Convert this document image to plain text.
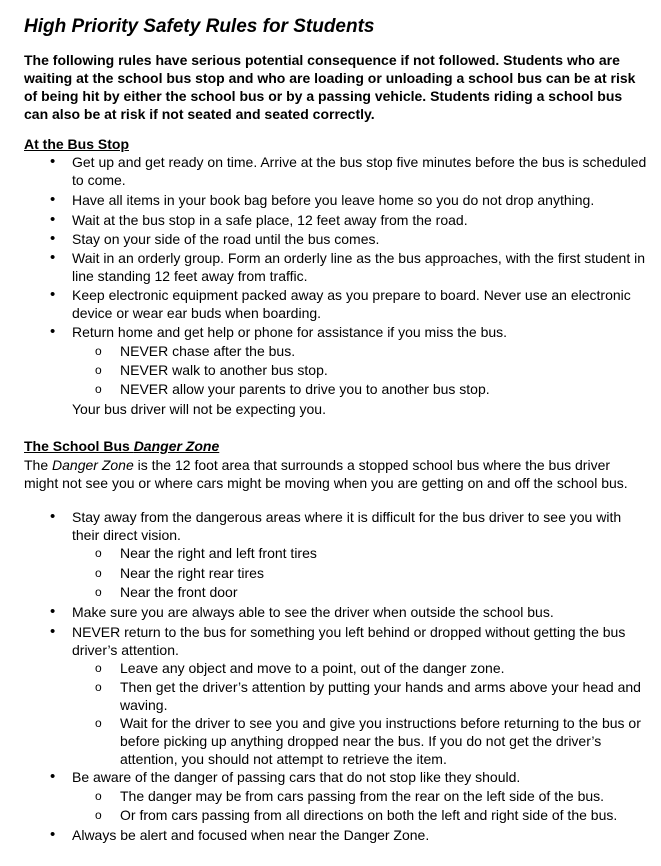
High Priority Safety Rules for Students
The following rules have serious potential consequence if not followed. Students who are waiting at the school bus stop and who are loading or unloading a school bus can be at risk of being hit by either the school bus or by a passing vehicle. Students riding a school bus can also be at risk if not seated and seated correctly.
At the Bus Stop
• Get up and get ready on time. Arrive at the bus stop five minutes before the bus is scheduled to come.
• Have all items in your book bag before you leave home so you do not drop anything.
• Wait at the bus stop in a safe place, 12 feet away from the road.
• Stay on your side of the road until the bus comes.
• Wait in an orderly group. Form an orderly line as the bus approaches, with the first student in line standing 12 feet away from traffic.
• Keep electronic equipment packed away as you prepare to board. Never use an electronic device or wear ear buds when boarding.
• Return home and get help or phone for assistance if you miss the bus.
o NEVER chase after the bus.
o NEVER walk to another bus stop.
o NEVER allow your parents to drive you to another bus stop.
Your bus driver will not be expecting you.
The School Bus Danger Zone
The Danger Zone is the 12 foot area that surrounds a stopped school bus where the bus driver might not see you or where cars might be moving when you are getting on and off the school bus.
• Stay away from the dangerous areas where it is difficult for the bus driver to see you with their direct vision.
o Near the right and left front tires
o Near the right rear tires
o Near the front door
• Make sure you are always able to see the driver when outside the school bus.
• NEVER return to the bus for something you left behind or dropped without getting the bus driver’s attention.
o Leave any object and move to a point, out of the danger zone.
o Then get the driver’s attention by putting your hands and arms above your head and waving.
o Wait for the driver to see you and give you instructions before returning to the bus or before picking up anything dropped near the bus. If you do not get the driver’s attention, you should not attempt to retrieve the item.
• Be aware of the danger of passing cars that do not stop like they should.
o The danger may be from cars passing from the rear on the left side of the bus.
o Or from cars passing from all directions on both the left and right side of the bus.
• Always be alert and focused when near the Danger Zone.
